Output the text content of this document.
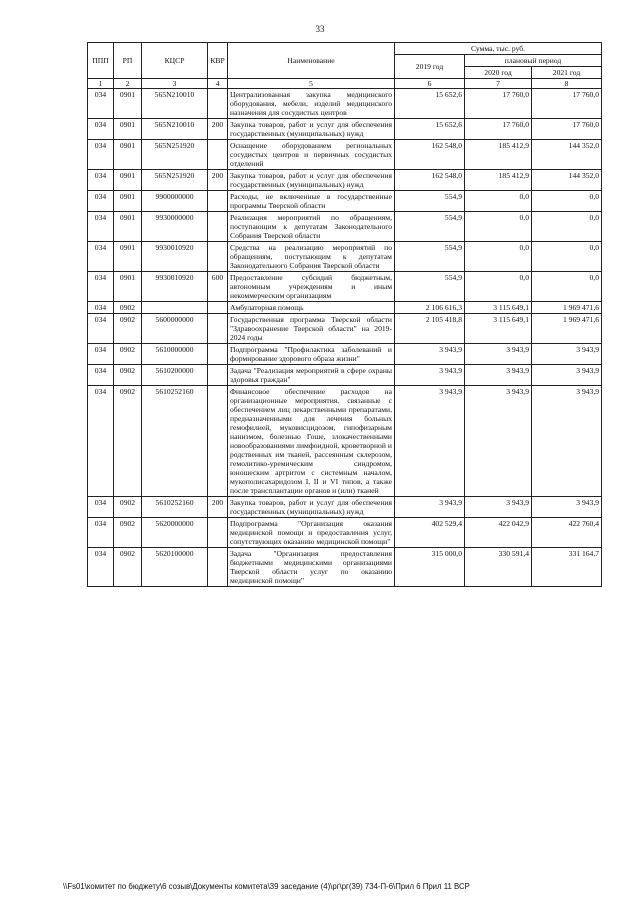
33
ППП	РП	КЦСР	КВР	Наименование	Сумма, тыс. руб.		
					2019 год	плановый период	
						2020 год	2021 год
1	2	3	4	5	6	7	8
034	0901	565N210010		Централизованная закупка медицинского оборудования, мебели, изделий медицинского назначения для сосудистых центров	15 652,6	17 760,0	17 760,0
034	0901	565N210010	200	Закупка товаров, работ и услуг для обеспечения государственных (муниципальных) нужд	15 652,6	17 760,0	17 760,0
034	0901	565N251920		Оснащение оборудованием региональных сосудистых центров и первичных сосудистых отделений	162 548,0	185 412,9	144 352,0
034	0901	565N251920	200	Закупка товаров, работ и услуг для обеспечения государственных (муниципальных) нужд	162 548,0	185 412,9	144 352,0
034	0901	9900000000		Расходы, не включенные в государственные программы Тверской области	554,9	0,0	0,0
034	0901	9930000000		Реализация мероприятий по обращениям, поступающим к депутатам Законодательного Собрания Тверской области	554,9	0,0	0,0
034	0901	9930010920		Средства на реализацию мероприятий по обращениям, поступающим к депутатам Законодательного Собрания Тверской области	554,9	0,0	0,0
034	0901	9930010920	600	Предоставление субсидий бюджетным, автономным учреждениям и иным некоммерческим организациям	554,9	0,0	0,0
034	0902			Амбулаторная помощь	2 106 616,3	3 115 649,1	1 969 471,6
034	0902	5600000000		Государственная программа Тверской области "Здравоохранение Тверской области" на 2019-2024 годы	2 105 418,8	3 115 649,1	1 969 471,6
034	0902	5610000000		Подпрограмма "Профилактика заболеваний и формирование здорового образа жизни"	3 943,9	3 943,9	3 943,9
034	0902	5610200000		Задача "Реализация мероприятий в сфере охраны здоровья граждан"	3 943,9	3 943,9	3 943,9
034	0902	5610252160		Финансовое обеспечение расходов на организационные мероприятия, связанные с обеспечением лиц лекарственными препаратами, предназначенными для лечения больных гемофилией, муковисцидозом, гипофизарным нанизмом, болезнью Гоше, злокачественными новообразованиями лимфоидной, кроветворной и родственных им тканей, рассеянным склерозом, гемолитико-уремическим синдромом, юношеским артритом с системным началом, мукополисахаридозом I, II и VI типов, а также после трансплантации органов и (или) тканей	3 943,9	3 943,9	3 943,9
034	0902	5610252160	200	Закупка товаров, работ и услуг для обеспечения государственных (муниципальных) нужд	3 943,9	3 943,9	3 943,9
034	0902	5620000000		Подпрограмма "Организация оказания медицинской помощи и предоставления услуг, сопутствующих оказанию медицинской помощи"	402 529,4	422 042,9	422 760,4
034	0902	5620100000		Задача "Организация предоставления бюджетными медицинскими организациями Тверской области услуг по оказанию медицинской помощи"	315 000,0	330 591,4	331 164,7
\\Fs01\комитет по бюджету\6 созыв\Документы комитета\39 заседание (4)\рг\рг(39) 734-П-6\Прил 6 Прил 11 ВСР
